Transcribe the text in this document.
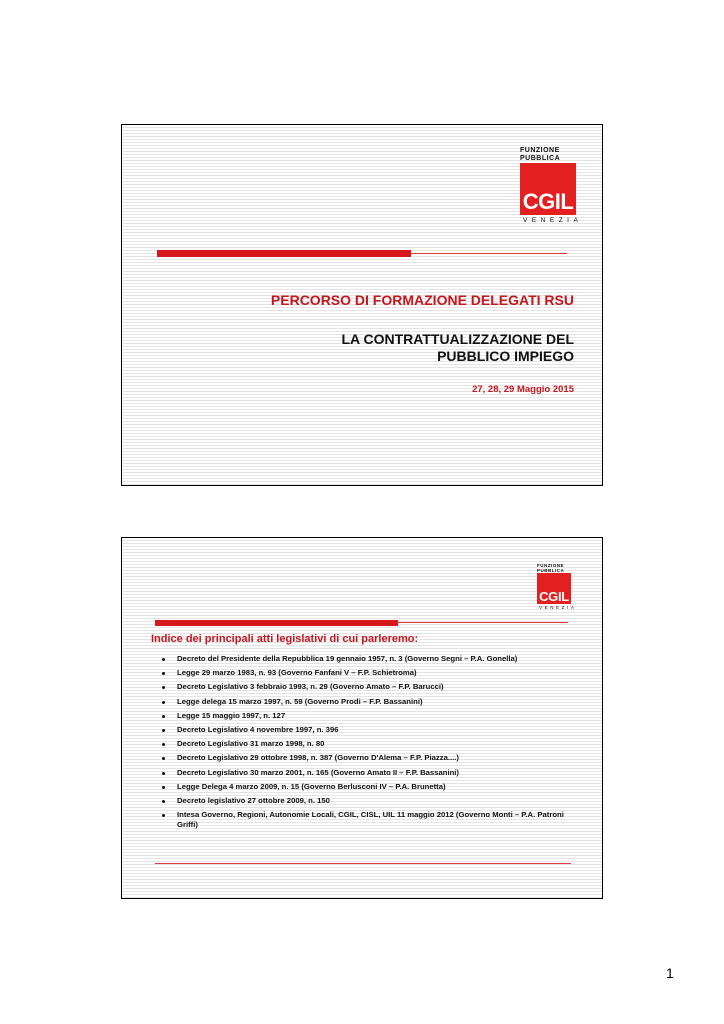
FUNZIONE
PUBBLICA
CGIL
VENEZIA
PERCORSO DI FORMAZIONE DELEGATI RSU
LA CONTRATTUALIZZAZIONE DEL
PUBBLICO IMPIEGO
27, 28, 29 Maggio 2015
FUNZIONE
PUBBLICA
CGIL
VENEZIA
Indice dei principali atti legislativi di cui parleremo:
Decreto del Presidente della Repubblica 19 gennaio 1957, n. 3 (Governo Segni – P.A. Gonella)
Legge 29 marzo 1983, n. 93 (Governo Fanfani V – F.P. Schietroma)
Decreto Legislativo 3 febbraio 1993, n. 29 (Governo Amato – F.P. Barucci)
Legge delega 15 marzo 1997, n. 59 (Governo Prodi – F.P. Bassanini)
Legge 15 maggio 1997, n. 127
Decreto Legislativo 4 novembre 1997, n. 396
Decreto Legislativo 31 marzo 1998, n. 80
Decreto Legislativo 29 ottobre 1998, n. 387 (Governo D'Alema – F.P. Piazza....)
Decreto Legislativo 30 marzo 2001, n. 165 (Governo Amato II – F.P. Bassanini)
Legge Delega 4 marzo 2009, n. 15 (Governo Berlusconi IV – P.A. Brunetta)
Decreto legislativo 27 ottobre 2009, n. 150
Intesa Governo, Regioni, Autonomie Locali, CGIL, CISL, UIL 11 maggio 2012 (Governo Monti – P.A. Patroni Griffi)
1
